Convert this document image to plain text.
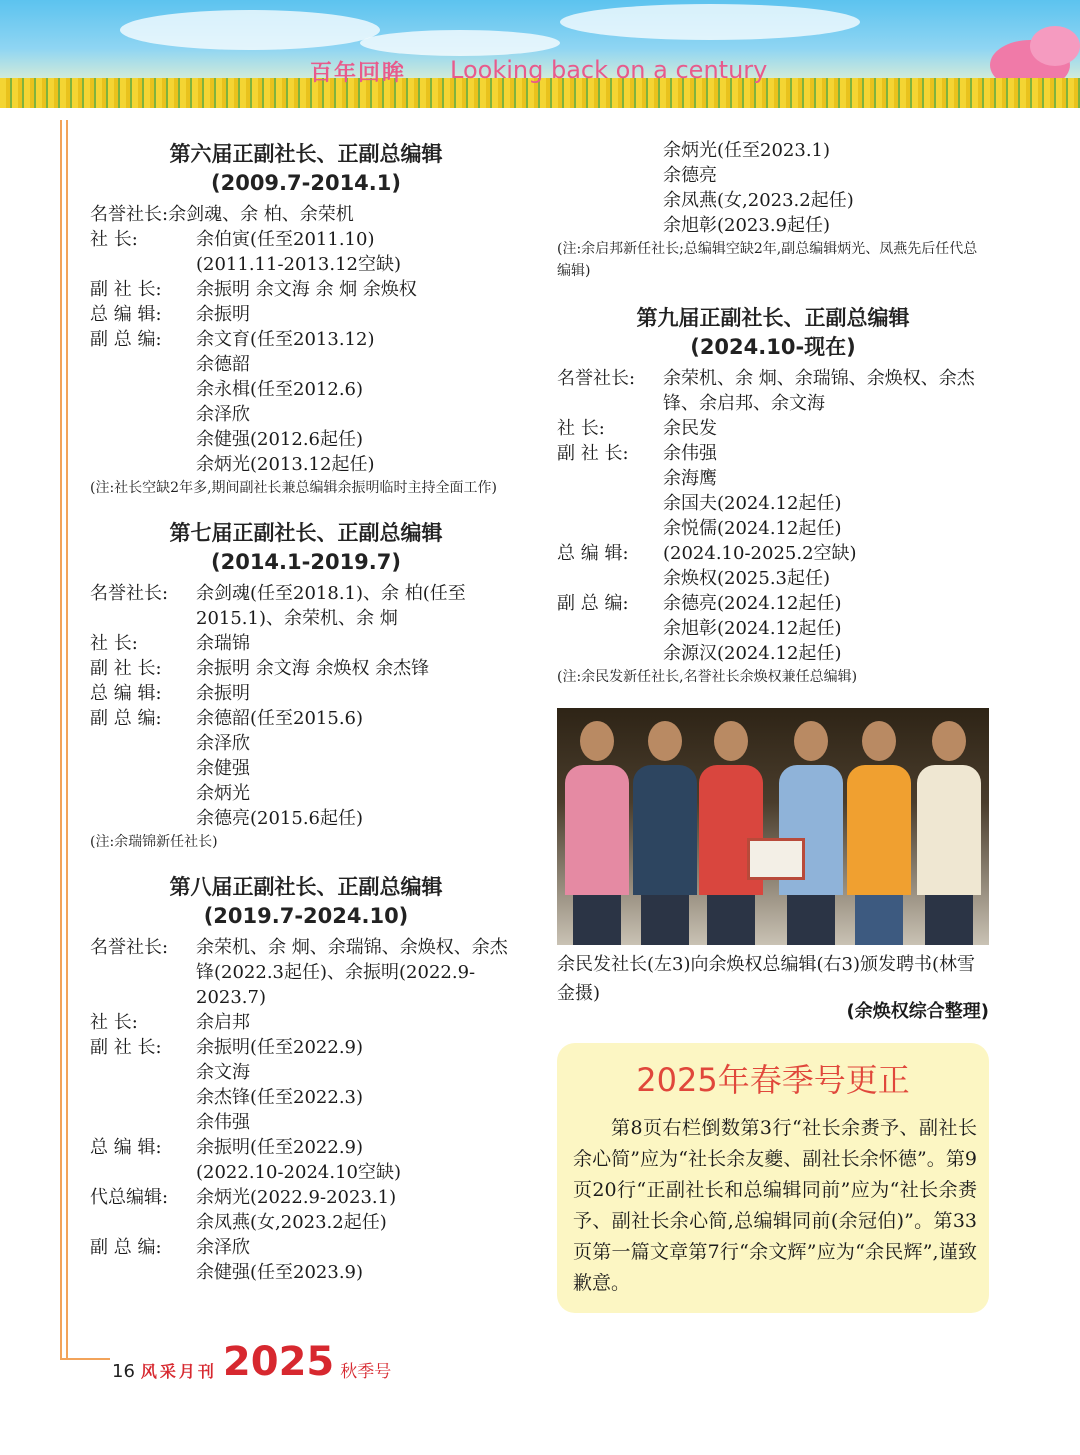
百年回眸 Looking back on a century
第六届正副社长、正副总编辑
(2009.7-2014.1)
名誉社长: 余剑魂、余 柏、余荣机
社 长:	余伯寅(任至2011.10)
(2011.11-2013.12空缺)
副 社 长:	余振明 余文海 余 炯 余焕权
总 编 辑:	余振明
副 总 编:	余文育(任至2013.12)
余德韶
余永楫(任至2012.6)
余泽欣
余健强(2012.6起任)
余炳光(2013.12起任)
(注:社长空缺2年多,期间副社长兼总编辑余振明临时主持全面工作)
第七届正副社长、正副总编辑
(2014.1-2019.7)
名誉社长:	余剑魂(任至2018.1)、余 柏(任至2015.1)、余荣机、余 炯
社 长:	余瑞锦
副 社 长:	余振明 余文海 余焕权 余杰锋
总 编 辑:	余振明
副 总 编:	余德韶(任至2015.6)
余泽欣
余健强
余炳光
余德亮(2015.6起任)
(注:余瑞锦新任社长)
第八届正副社长、正副总编辑
(2019.7-2024.10)
名誉社长:	余荣机、余 炯、余瑞锦、余焕权、余杰锋(2022.3起任)、余振明(2022.9-2023.7)
社 长:	余启邦
副 社 长:	余振明(任至2022.9)
余文海
余杰锋(任至2022.3)
余伟强
总 编 辑:	余振明(任至2022.9)
(2022.10-2024.10空缺)
代总编辑:	余炳光(2022.9-2023.1)
余凤燕(女,2023.2起任)
副 总 编:	余泽欣
余健强(任至2023.9)
余炳光(任至2023.1)
余德亮
余凤燕(女,2023.2起任)
余旭彰(2023.9起任)
(注:余启邦新任社长;总编辑空缺2年,副总编辑炳光、凤燕先后任代总编辑)
第九届正副社长、正副总编辑
(2024.10-现在)
名誉社长:	余荣机、余 炯、余瑞锦、余焕权、余杰锋、余启邦、余文海
社 长:	余民发
副 社 长:	余伟强
余海鹰
余国夫(2024.12起任)
余悦儒(2024.12起任)
总 编 辑:	(2024.10-2025.2空缺)
余焕权(2025.3起任)
副 总 编:	余德亮(2024.12起任)
余旭彰(2024.12起任)
余源汉(2024.12起任)
(注:余民发新任社长,名誉社长余焕权兼任总编辑)
余民发社长(左3)向余焕权总编辑(右3)颁发聘书(林雪金摄)
(余焕权综合整理)
2025年春季号更正
第8页右栏倒数第3行“社长余赉予、副社长余心简”应为“社长余友夔、副社长余怀德”。第9页20行“正副社长和总编辑同前”应为“社长余赉予、副社长余心简,总编辑同前(余冠伯)”。第33页第一篇文章第7行“余文辉”应为“余民辉”,谨致歉意。
16 风采月刊 2025 秋季号
